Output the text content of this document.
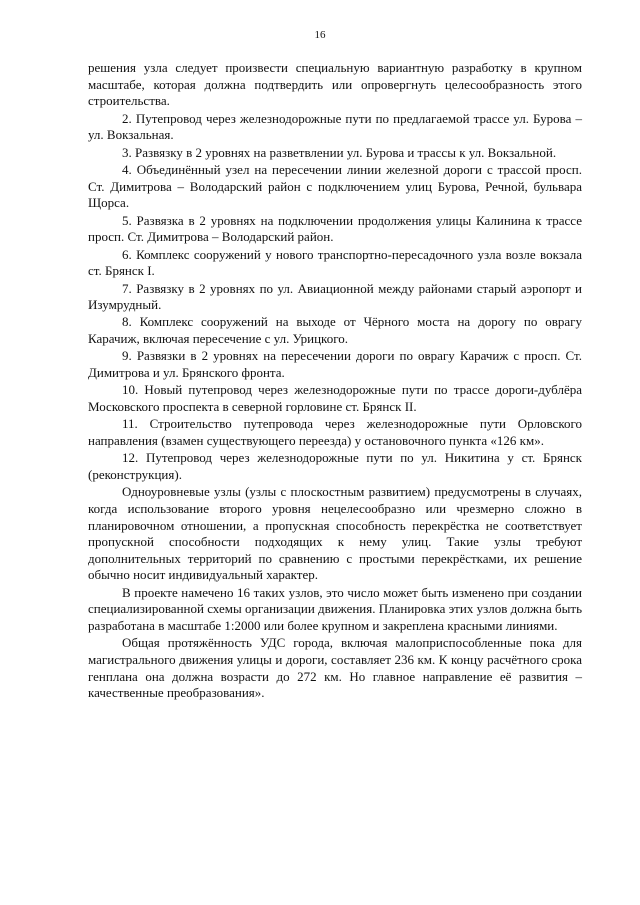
16

решения узла следует произвести специальную вариантную разработку в крупном масштабе, которая должна подтвердить или опровергнуть целесообразность этого строительства.

2. Путепровод через железнодорожные пути по предлагаемой трассе ул. Бурова – ул. Вокзальная.

3. Развязку в 2 уровнях на разветвлении ул. Бурова и трассы к ул. Вокзальной.

4. Объединённый узел на пересечении линии железной дороги с трассой просп. Ст. Димитрова – Володарский район с подключением улиц Бурова, Речной, бульвара Щорса.

5. Развязка в 2 уровнях на подключении продолжения улицы Калинина к трассе просп. Ст. Димитрова – Володарский район.

6. Комплекс сооружений у нового транспортно-пересадочного узла возле вокзала ст. Брянск I.

7. Развязку в 2 уровнях по ул. Авиационной между районами старый аэропорт и Изумрудный.

8. Комплекс сооружений на выходе от Чёрного моста на дорогу по оврагу Карачиж, включая пересечение с ул. Урицкого.

9. Развязки в 2 уровнях на пересечении дороги по оврагу Карачиж с просп. Ст. Димитрова и ул. Брянского фронта.

10. Новый путепровод через железнодорожные пути по трассе дороги-дублёра Московского проспекта в северной горловине ст. Брянск II.

11. Строительство путепровода через железнодорожные пути Орловского направления (взамен существующего переезда) у остановочного пункта «126 км».

12. Путепровод через железнодорожные пути по ул. Никитина у ст. Брянск (реконструкция).

Одноуровневые узлы (узлы с плоскостным развитием) предусмотрены в случаях, когда использование второго уровня нецелесообразно или чрезмерно сложно в планировочном отношении, а пропускная способность перекрёстка не соответствует пропускной способности подходящих к нему улиц. Такие узлы требуют дополнительных территорий по сравнению с простыми перекрёстками, их решение обычно носит индивидуальный характер.

В проекте намечено 16 таких узлов, это число может быть изменено при создании специализированной схемы организации движения. Планировка этих узлов должна быть разработана в масштабе 1:2000 или более крупном и закреплена красными линиями.

Общая протяжённость УДС города, включая малоприспособленные пока для магистрального движения улицы и дороги, составляет 236 км. К концу расчётного срока генплана она должна возрасти до 272 км. Но главное направление её развития – качественные преобразования».
